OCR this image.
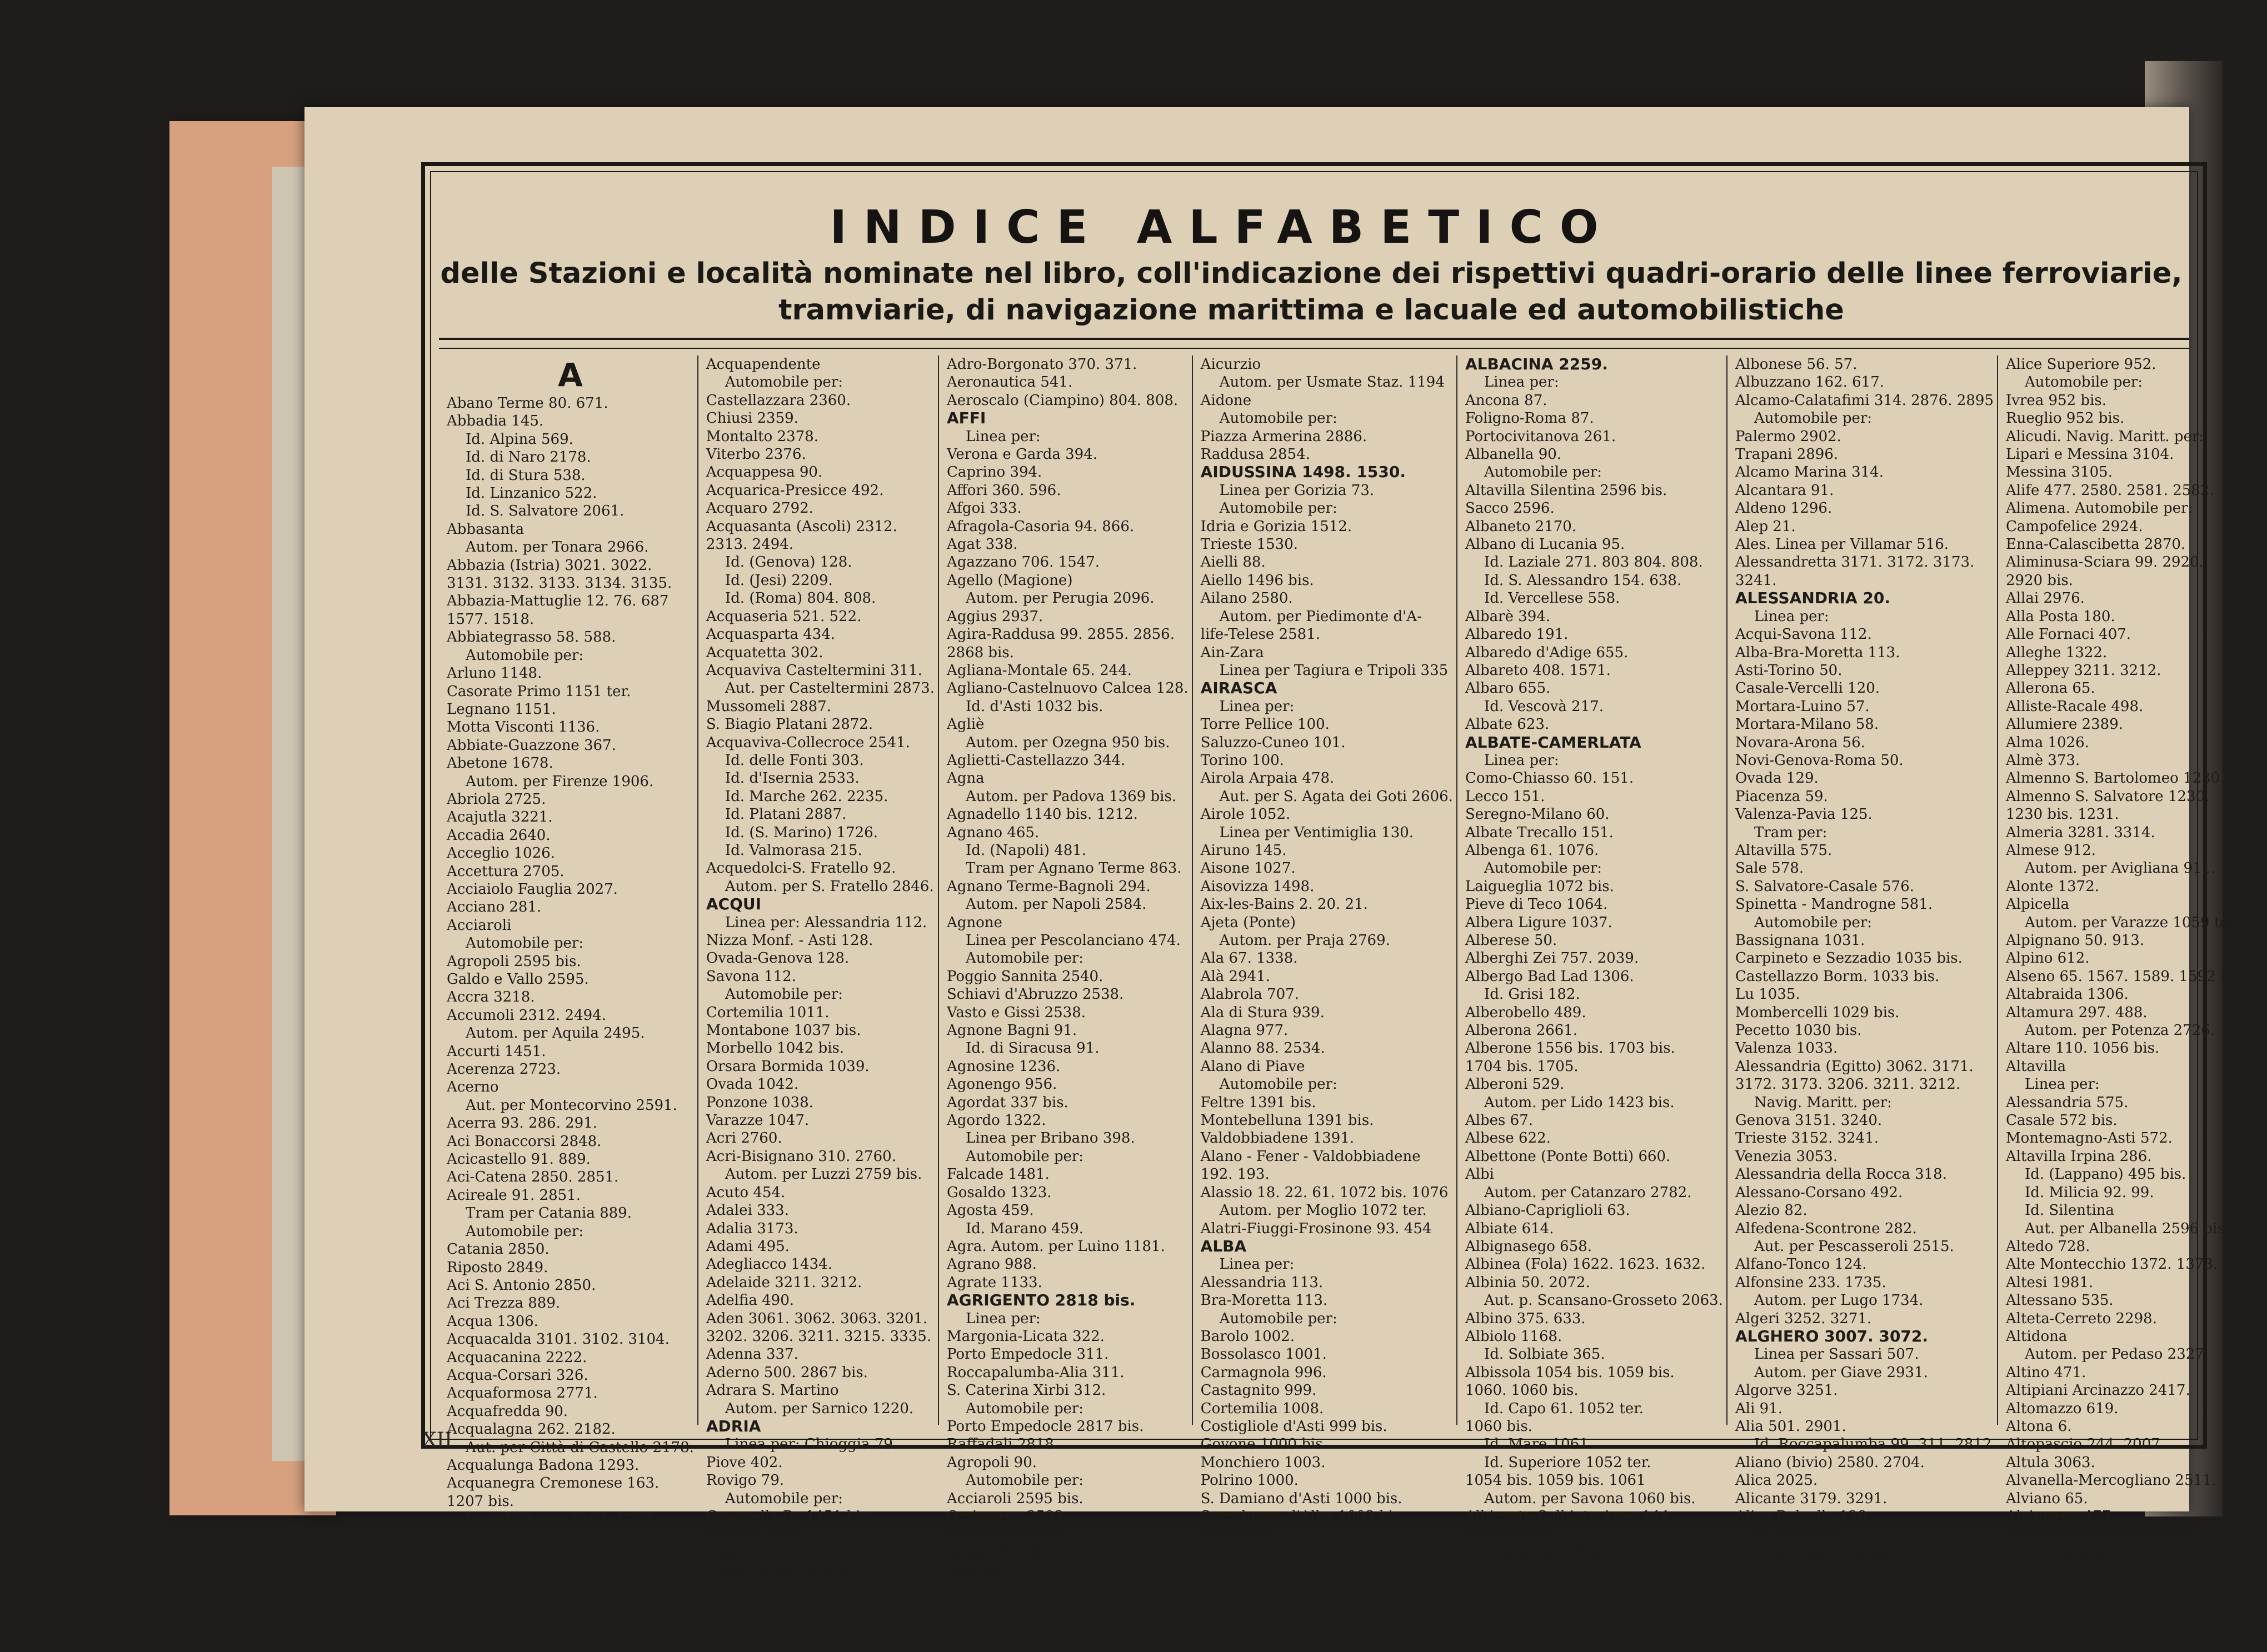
INDICE ALFABETICO
delle Stazioni e località nominate nel libro, coll'indicazione dei rispettivi quadri-orario delle linee ferroviarie, tramviarie, di navigazione marittima e lacuale ed automobilistiche
A
Abano Terme 80. 671.
Abbadia 145.
Id. Alpina 569.
Id. di Naro 2178.
Id. di Stura 538.
Id. Linzanico 522.
Id. S. Salvatore 2061.
Abbasanta
Autom. per Tonara 2966.
Abbazia (Istria) 3021. 3022.
3131. 3132. 3133. 3134. 3135.
Abbazia-Mattuglie 12. 76. 687
1577. 1518.
Abbiategrasso 58. 588.
Automobile per:
Arluno 1148.
Casorate Primo 1151 ter.
Legnano 1151.
Motta Visconti 1136.
Abbiate-Guazzone 367.
Abetone 1678.
Autom. per Firenze 1906.
Abriola 2725.
Acajutla 3221.
Accadia 2640.
Acceglio 1026.
Accettura 2705.
Acciaiolo Fauglia 2027.
Acciano 281.
Acciaroli
Automobile per:
Agropoli 2595 bis.
Galdo e Vallo 2595.
Accra 3218.
Accumoli 2312. 2494.
Autom. per Aquila 2495.
Accurti 1451.
Acerenza 2723.
Acerno
Aut. per Montecorvino 2591.
Acerra 93. 286. 291.
Aci Bonaccorsi 2848.
Acicastello 91. 889.
Aci-Catena 2850. 2851.
Acireale 91. 2851.
Tram per Catania 889.
Automobile per:
Catania 2850.
Riposto 2849.
Aci S. Antonio 2850.
Aci Trezza 889.
Acqua 1306.
Acquacalda 3101. 3102. 3104.
Acquacanina 2222.
Acqua-Corsari 326.
Acquaformosa 2771.
Acquafredda 90.
Acqualagna 262. 2182.
Aut. per Città di Castello 2178.
Acqualunga Badona 1293.
Acquanegra Cremonese 163.
1207 bis.
Id. sul Chiese 1267. 1268.
Acquapendente
Automobile per:
Castellazzara 2360.
Chiusi 2359.
Montalto 2378.
Viterbo 2376.
Acquappesa 90.
Acquarica-Presicce 492.
Acquaro 2792.
Acquasanta (Ascoli) 2312.
2313. 2494.
Id. (Genova) 128.
Id. (Jesi) 2209.
Id. (Roma) 804. 808.
Acquaseria 521. 522.
Acquasparta 434.
Acquatetta 302.
Acquaviva Casteltermini 311.
Aut. per Casteltermini 2873.
Mussomeli 2887.
S. Biagio Platani 2872.
Acquaviva-Collecroce 2541.
Id. delle Fonti 303.
Id. d'Isernia 2533.
Id. Marche 262. 2235.
Id. Platani 2887.
Id. (S. Marino) 1726.
Id. Valmorasa 215.
Acquedolci-S. Fratello 92.
Autom. per S. Fratello 2846.
ACQUI
Linea per: Alessandria 112.
Nizza Monf. - Asti 128.
Ovada-Genova 128.
Savona 112.
Automobile per:
Cortemilia 1011.
Montabone 1037 bis.
Morbello 1042 bis.
Orsara Bormida 1039.
Ovada 1042.
Ponzone 1038.
Varazze 1047.
Acri 2760.
Acri-Bisignano 310. 2760.
Autom. per Luzzi 2759 bis.
Acuto 454.
Adalei 333.
Adalia 3173.
Adami 495.
Adegliacco 1434.
Adelaide 3211. 3212.
Adelfia 490.
Aden 3061. 3062. 3063. 3201.
3202. 3206. 3211. 3215. 3335.
Adenna 337.
Aderno 500. 2867 bis.
Adrara S. Martino
Autom. per Sarnico 1220.
ADRIA
Linea per: Chioggia 79.
Piove 402.
Rovigo 79.
Automobile per:
Cavanella Po 1451 bis.
Mesola 1421.
Papozze 1422.
Taglio di Po 1419 bis.
Adro-Borgonato 370. 371.
Aeronautica 541.
Aeroscalo (Ciampino) 804. 808.
AFFI
Linea per:
Verona e Garda 394.
Caprino 394.
Affori 360. 596.
Afgoi 333.
Afragola-Casoria 94. 866.
Agat 338.
Agazzano 706. 1547.
Agello (Magione)
Autom. per Perugia 2096.
Aggius 2937.
Agira-Raddusa 99. 2855. 2856.
2868 bis.
Agliana-Montale 65. 244.
Agliano-Castelnuovo Calcea 128.
Id. d'Asti 1032 bis.
Agliè
Autom. per Ozegna 950 bis.
Aglietti-Castellazzo 344.
Agna
Autom. per Padova 1369 bis.
Agnadello 1140 bis. 1212.
Agnano 465.
Id. (Napoli) 481.
Tram per Agnano Terme 863.
Agnano Terme-Bagnoli 294.
Autom. per Napoli 2584.
Agnone
Linea per Pescolanciano 474.
Automobile per:
Poggio Sannita 2540.
Schiavi d'Abruzzo 2538.
Vasto e Gissi 2538.
Agnone Bagni 91.
Id. di Siracusa 91.
Agnosine 1236.
Agonengo 956.
Agordat 337 bis.
Agordo 1322.
Linea per Bribano 398.
Automobile per:
Falcade 1481.
Gosaldo 1323.
Agosta 459.
Id. Marano 459.
Agra. Autom. per Luino 1181.
Agrano 988.
Agrate 1133.
AGRIGENTO 2818 bis.
Linea per:
Margonia-Licata 322.
Porto Empedocle 311.
Roccapalumba-Alia 311.
S. Caterina Xirbi 312.
Automobile per:
Porto Empedocle 2817 bis.
Raffadali 2818.
Agropoli 90.
Automobile per:
Acciaroli 2595 bis.
Omignano 2593.
Agugliano 2238.
Aguscello 781.
Aica 68.
Aicurzio
Autom. per Usmate Staz. 1194
Aidone
Automobile per:
Piazza Armerina 2886.
Raddusa 2854.
AIDUSSINA 1498. 1530.
Linea per Gorizia 73.
Automobile per:
Idria e Gorizia 1512.
Trieste 1530.
Aielli 88.
Aiello 1496 bis.
Ailano 2580.
Autom. per Piedimonte d'A-
life-Telese 2581.
Ain-Zara
Linea per Tagiura e Tripoli 335
AIRASCA
Linea per:
Torre Pellice 100.
Saluzzo-Cuneo 101.
Torino 100.
Airola Arpaia 478.
Aut. per S. Agata dei Goti 2606.
Airole 1052.
Linea per Ventimiglia 130.
Airuno 145.
Aisone 1027.
Aisovizza 1498.
Aix-les-Bains 2. 20. 21.
Ajeta (Ponte)
Autom. per Praja 2769.
Ala 67. 1338.
Alà 2941.
Alabrola 707.
Ala di Stura 939.
Alagna 977.
Alanno 88. 2534.
Alano di Piave
Automobile per:
Feltre 1391 bis.
Montebelluna 1391 bis.
Valdobbiadene 1391.
Alano - Fener - Valdobbiadene
192. 193.
Alassio 18. 22. 61. 1072 bis. 1076
Autom. per Moglio 1072 ter.
Alatri-Fiuggi-Frosinone 93. 454
ALBA
Linea per:
Alessandria 113.
Bra-Moretta 113.
Automobile per:
Barolo 1002.
Bossolasco 1001.
Carmagnola 996.
Castagnito 999.
Cortemilia 1008.
Costigliole d'Asti 999 bis.
Govone 1000 bis.
Monchiero 1003.
Polrino 1000.
S. Damiano d'Asti 1000 bis.
Serralunga d'Alba 1003 bis.
Sinio 995.
Torino 1000.
ALBACINA 2259.
Linea per:
Ancona 87.
Foligno-Roma 87.
Portocivitanova 261.
Albanella 90.
Automobile per:
Altavilla Silentina 2596 bis.
Sacco 2596.
Albaneto 2170.
Albano di Lucania 95.
Id. Laziale 271. 803 804. 808.
Id. S. Alessandro 154. 638.
Id. Vercellese 558.
Albarè 394.
Albaredo 191.
Albaredo d'Adige 655.
Albareto 408. 1571.
Albaro 655.
Id. Vescovà 217.
Albate 623.
ALBATE-CAMERLATA
Linea per:
Como-Chiasso 60. 151.
Lecco 151.
Seregno-Milano 60.
Albate Trecallo 151.
Albenga 61. 1076.
Automobile per:
Laigueglia 1072 bis.
Pieve di Teco 1064.
Albera Ligure 1037.
Alberese 50.
Alberghi Zei 757. 2039.
Albergo Bad Lad 1306.
Id. Grisi 182.
Alberobello 489.
Alberona 2661.
Alberone 1556 bis. 1703 bis.
1704 bis. 1705.
Alberoni 529.
Autom. per Lido 1423 bis.
Albes 67.
Albese 622.
Albettone (Ponte Botti) 660.
Albi
Autom. per Catanzaro 2782.
Albiano-Capriglioli 63.
Albiate 614.
Albignasego 658.
Albinea (Fola) 1622. 1623. 1632.
Albinia 50. 2072.
Aut. p. Scansano-Grosseto 2063.
Albino 375. 633.
Albiolo 1168.
Id. Solbiate 365.
Albissola 1054 bis. 1059 bis.
1060. 1060 bis.
Id. Capo 61. 1052 ter.
1060 bis.
Id. Mare 1061.
Id. Superiore 1052 ter.
1054 bis. 1059 bis. 1061
Autom. per Savona 1060 bis.
Albizzate-Solbiate Arno 144.
Albona 1521.
Autom. per Pola 1507 bis.
Albonese 56. 57.
Albuzzano 162. 617.
Alcamo-Calatafimi 314. 2876. 2895
Automobile per:
Palermo 2902.
Trapani 2896.
Alcamo Marina 314.
Alcantara 91.
Aldeno 1296.
Alep 21.
Ales. Linea per Villamar 516.
Alessandretta 3171. 3172. 3173.
3241.
ALESSANDRIA 20.
Linea per:
Acqui-Savona 112.
Alba-Bra-Moretta 113.
Asti-Torino 50.
Casale-Vercelli 120.
Mortara-Luino 57.
Mortara-Milano 58.
Novara-Arona 56.
Novi-Genova-Roma 50.
Ovada 129.
Piacenza 59.
Valenza-Pavia 125.
Tram per:
Altavilla 575.
Sale 578.
S. Salvatore-Casale 576.
Spinetta - Mandrogne 581.
Automobile per:
Bassignana 1031.
Carpineto e Sezzadio 1035 bis.
Castellazzo Borm. 1033 bis.
Lu 1035.
Mombercelli 1029 bis.
Pecetto 1030 bis.
Valenza 1033.
Alessandria (Egitto) 3062. 3171.
3172. 3173. 3206. 3211. 3212.
Navig. Maritt. per:
Genova 3151. 3240.
Trieste 3152. 3241.
Venezia 3053.
Alessandria della Rocca 318.
Alessano-Corsano 492.
Alezio 82.
Alfedena-Scontrone 282.
Aut. per Pescasseroli 2515.
Alfano-Tonco 124.
Alfonsine 233. 1735.
Autom. per Lugo 1734.
Algeri 3252. 3271.
ALGHERO 3007. 3072.
Linea per Sassari 507.
Autom. per Giave 2931.
Algorve 3251.
Ali 91.
Alia 501. 2901.
Id. Roccapalumba 99. 311. 2812
Aliano (bivio) 2580. 2704.
Alica 2025.
Alicante 3179. 3291.
Alice Belcolle 128.
Id. Castello
Autom. per Cigliano 961.
Alice Superiore 952.
Automobile per:
Ivrea 952 bis.
Rueglio 952 bis.
Alicudi. Navig. Maritt. per:
Lipari e Messina 3104.
Messina 3105.
Alife 477. 2580. 2581. 2582.
Alimena. Automobile per:
Campofelice 2924.
Enna-Calascibetta 2870.
Aliminusa-Sciara 99. 2920.
2920 bis.
Allai 2976.
Alla Posta 180.
Alle Fornaci 407.
Alleghe 1322.
Alleppey 3211. 3212.
Allerona 65.
Alliste-Racale 498.
Allumiere 2389.
Alma 1026.
Almè 373.
Almenno S. Bartolomeo 1230.
Almenno S. Salvatore 1230.
1230 bis. 1231.
Almeria 3281. 3314.
Almese 912.
Autom. per Avigliana 911.
Alonte 1372.
Alpicella
Autom. per Varazze 1059 ter.
Alpignano 50. 913.
Alpino 612.
Alseno 65. 1567. 1589. 1592 bis.
Altabraida 1306.
Altamura 297. 488.
Autom. per Potenza 2726.
Altare 110. 1056 bis.
Altavilla
Linea per:
Alessandria 575.
Casale 572 bis.
Montemagno-Asti 572.
Altavilla Irpina 286.
Id. (Lappano) 495 bis.
Id. Milicia 92. 99.
Id. Silentina
Aut. per Albanella 2596 bis.
Altedo 728.
Alte Montecchio 1372. 1373. 1380.
Altesi 1981.
Altessano 535.
Alteta-Cerreto 2298.
Altidona
Autom. per Pedaso 2327.
Altino 471.
Altipiani Arcinazzo 2417.
Altomazzo 619.
Altona 6.
Altopascio 244. 2007.
Altula 3063.
Alvanella-Mercogliano 2511.
Alviano 65.
Alvignano 477.
Alzano Maggiore 375. 633.
Alzano Sopra 633.
XII
